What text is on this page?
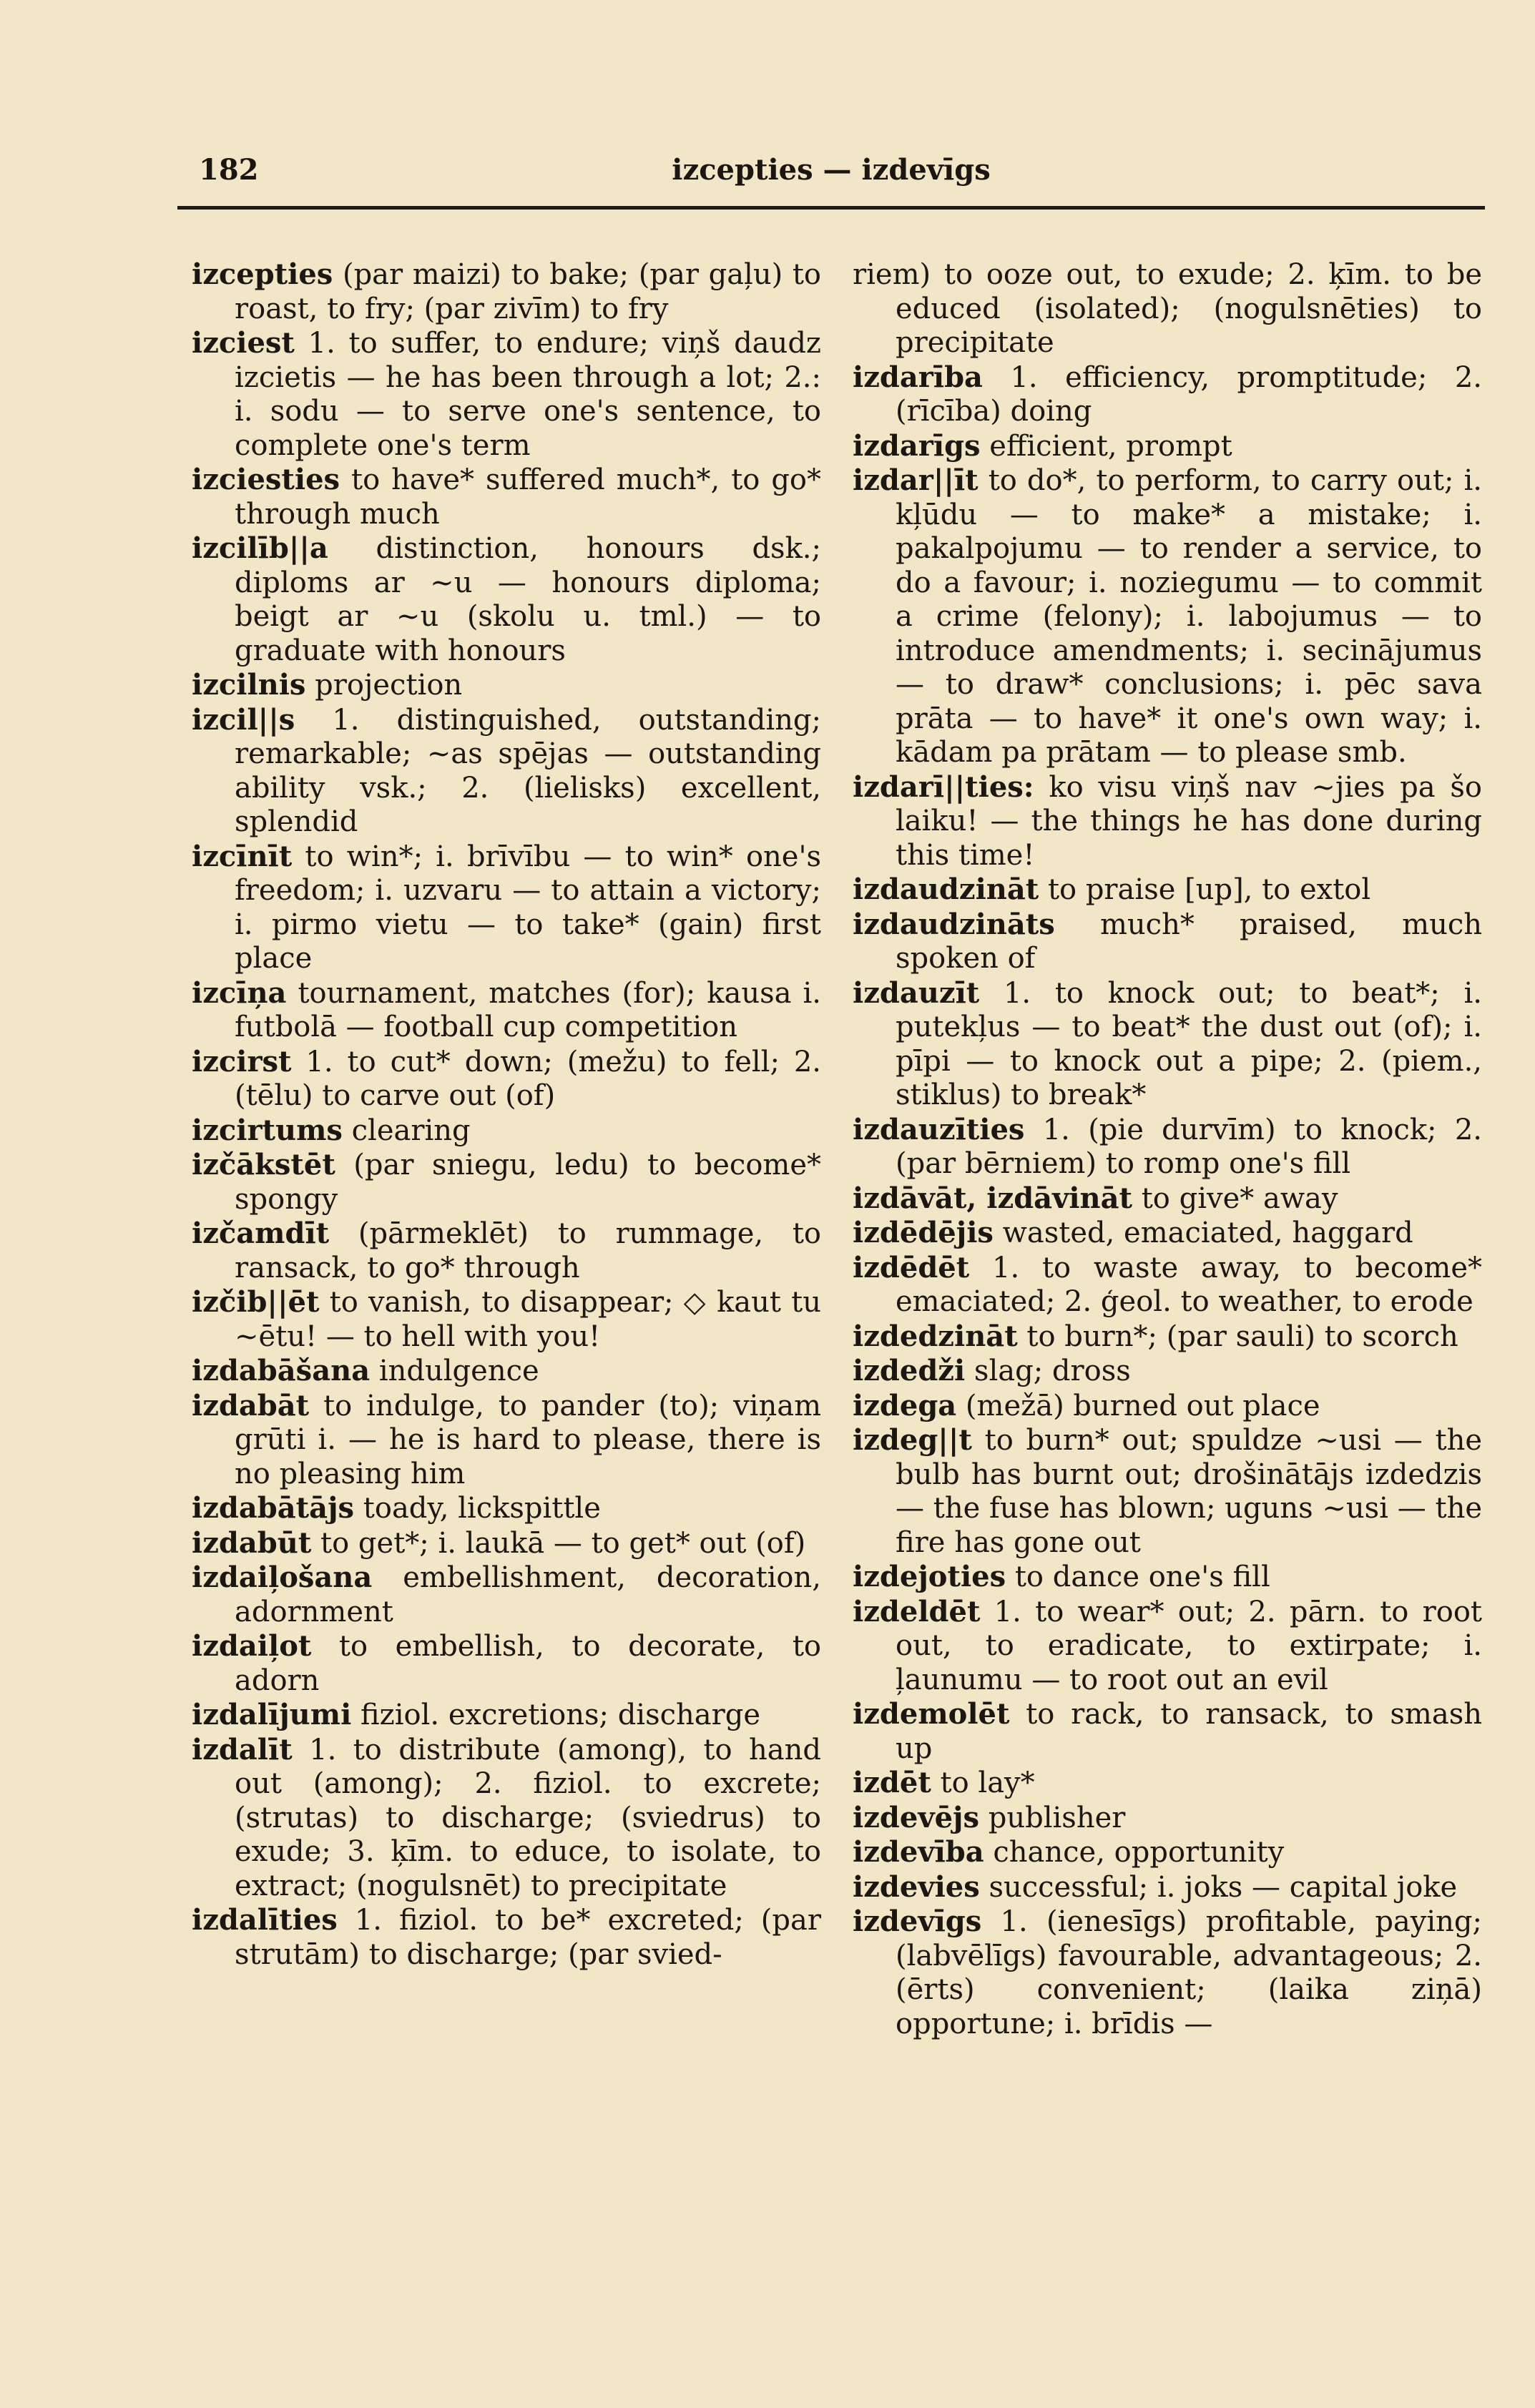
182	izcepties — izdevīgs
izcepties (par maizi) to bake; (par gaļu) to roast, to fry; (par zivīm) to fry
izciest 1. to suffer, to endure; viņš daudz izcietis — he has been through a lot; 2.: i. sodu — to serve one's sentence, to complete one's term
izciesties to have* suffered much*, to go* through much
izcilīb||a distinction, honours dsk.; diploms ar ~u — honours diploma; beigt ar ~u (skolu u. tml.) — to graduate with honours
izcilnis projection
izcil||s 1. distinguished, outstanding; remarkable; ~as spējas — outstanding ability vsk.; 2. (lielisks) excellent, splendid
izcīnīt to win*; i. brīvību — to win* one's freedom; i. uzvaru — to attain a victory; i. pirmo vietu — to take* (gain) first place
izcīņa tournament, matches (for); kausa i. futbolā — football cup competition
izcirst 1. to cut* down; (mežu) to fell; 2. (tēlu) to carve out (of)
izcirtums clearing
izčākstēt (par sniegu, ledu) to become* spongy
izčamdīt (pārmeklēt) to rummage, to ransack, to go* through
izčib||ēt to vanish, to disappear; ◇ kaut tu ~ētu! — to hell with you!
izdabāšana indulgence
izdabāt to indulge, to pander (to); viņam grūti i. — he is hard to please, there is no pleasing him
izdabātājs toady, lickspittle
izdabūt to get*; i. laukā — to get* out (of)
izdaiļošana embellishment, decoration, adornment
izdaiļot to embellish, to decorate, to adorn
izdalījumi fiziol. excretions; discharge
izdalīt 1. to distribute (among), to hand out (among); 2. fiziol. to excrete; (strutas) to discharge; (sviedrus) to exude; 3. ķīm. to educe, to isolate, to extract; (nogulsnēt) to precipitate
izdalīties 1. fiziol. to be* excreted; (par strutām) to discharge; (par svied-
riem) to ooze out, to exude; 2. ķīm. to be educed (isolated); (nogulsnēties) to precipitate
izdarība 1. efficiency, promptitude; 2. (rīcība) doing
izdarīgs efficient, prompt
izdar||īt to do*, to perform, to carry out; i. kļūdu — to make* a mistake; i. pakalpojumu — to render a service, to do a favour; i. noziegumu — to commit a crime (felony); i. labojumus — to introduce amendments; i. secinājumus — to draw* conclusions; i. pēc sava prāta — to have* it one's own way; i. kādam pa prātam — to please smb.
izdarī||ties: ko visu viņš nav ~jies pa šo laiku! — the things he has done during this time!
izdaudzināt to praise [up], to extol
izdaudzināts much* praised, much spoken of
izdauzīt 1. to knock out; to beat*; i. putekļus — to beat* the dust out (of); i. pīpi — to knock out a pipe; 2. (piem., stiklus) to break*
izdauzīties 1. (pie durvīm) to knock; 2. (par bērniem) to romp one's fill
izdāvāt, izdāvināt to give* away
izdēdējis wasted, emaciated, haggard
izdēdēt 1. to waste away, to become* emaciated; 2. ģeol. to weather, to erode
izdedzināt to burn*; (par sauli) to scorch
izdedži slag; dross
izdega (mežā) burned out place
izdeg||t to burn* out; spuldze ~usi — the bulb has burnt out; drošinātājs izdedzis — the fuse has blown; uguns ~usi — the fire has gone out
izdejoties to dance one's fill
izdeldēt 1. to wear* out; 2. pārn. to root out, to eradicate, to extirpate; i. ļaunumu — to root out an evil
izdemolēt to rack, to ransack, to smash up
izdēt to lay*
izdevējs publisher
izdevība chance, opportunity
izdevies successful; i. joks — capital joke
izdevīgs 1. (ienesīgs) profitable, paying; (labvēlīgs) favourable, advantageous; 2. (ērts) convenient; (laika ziņā) opportune; i. brīdis —
